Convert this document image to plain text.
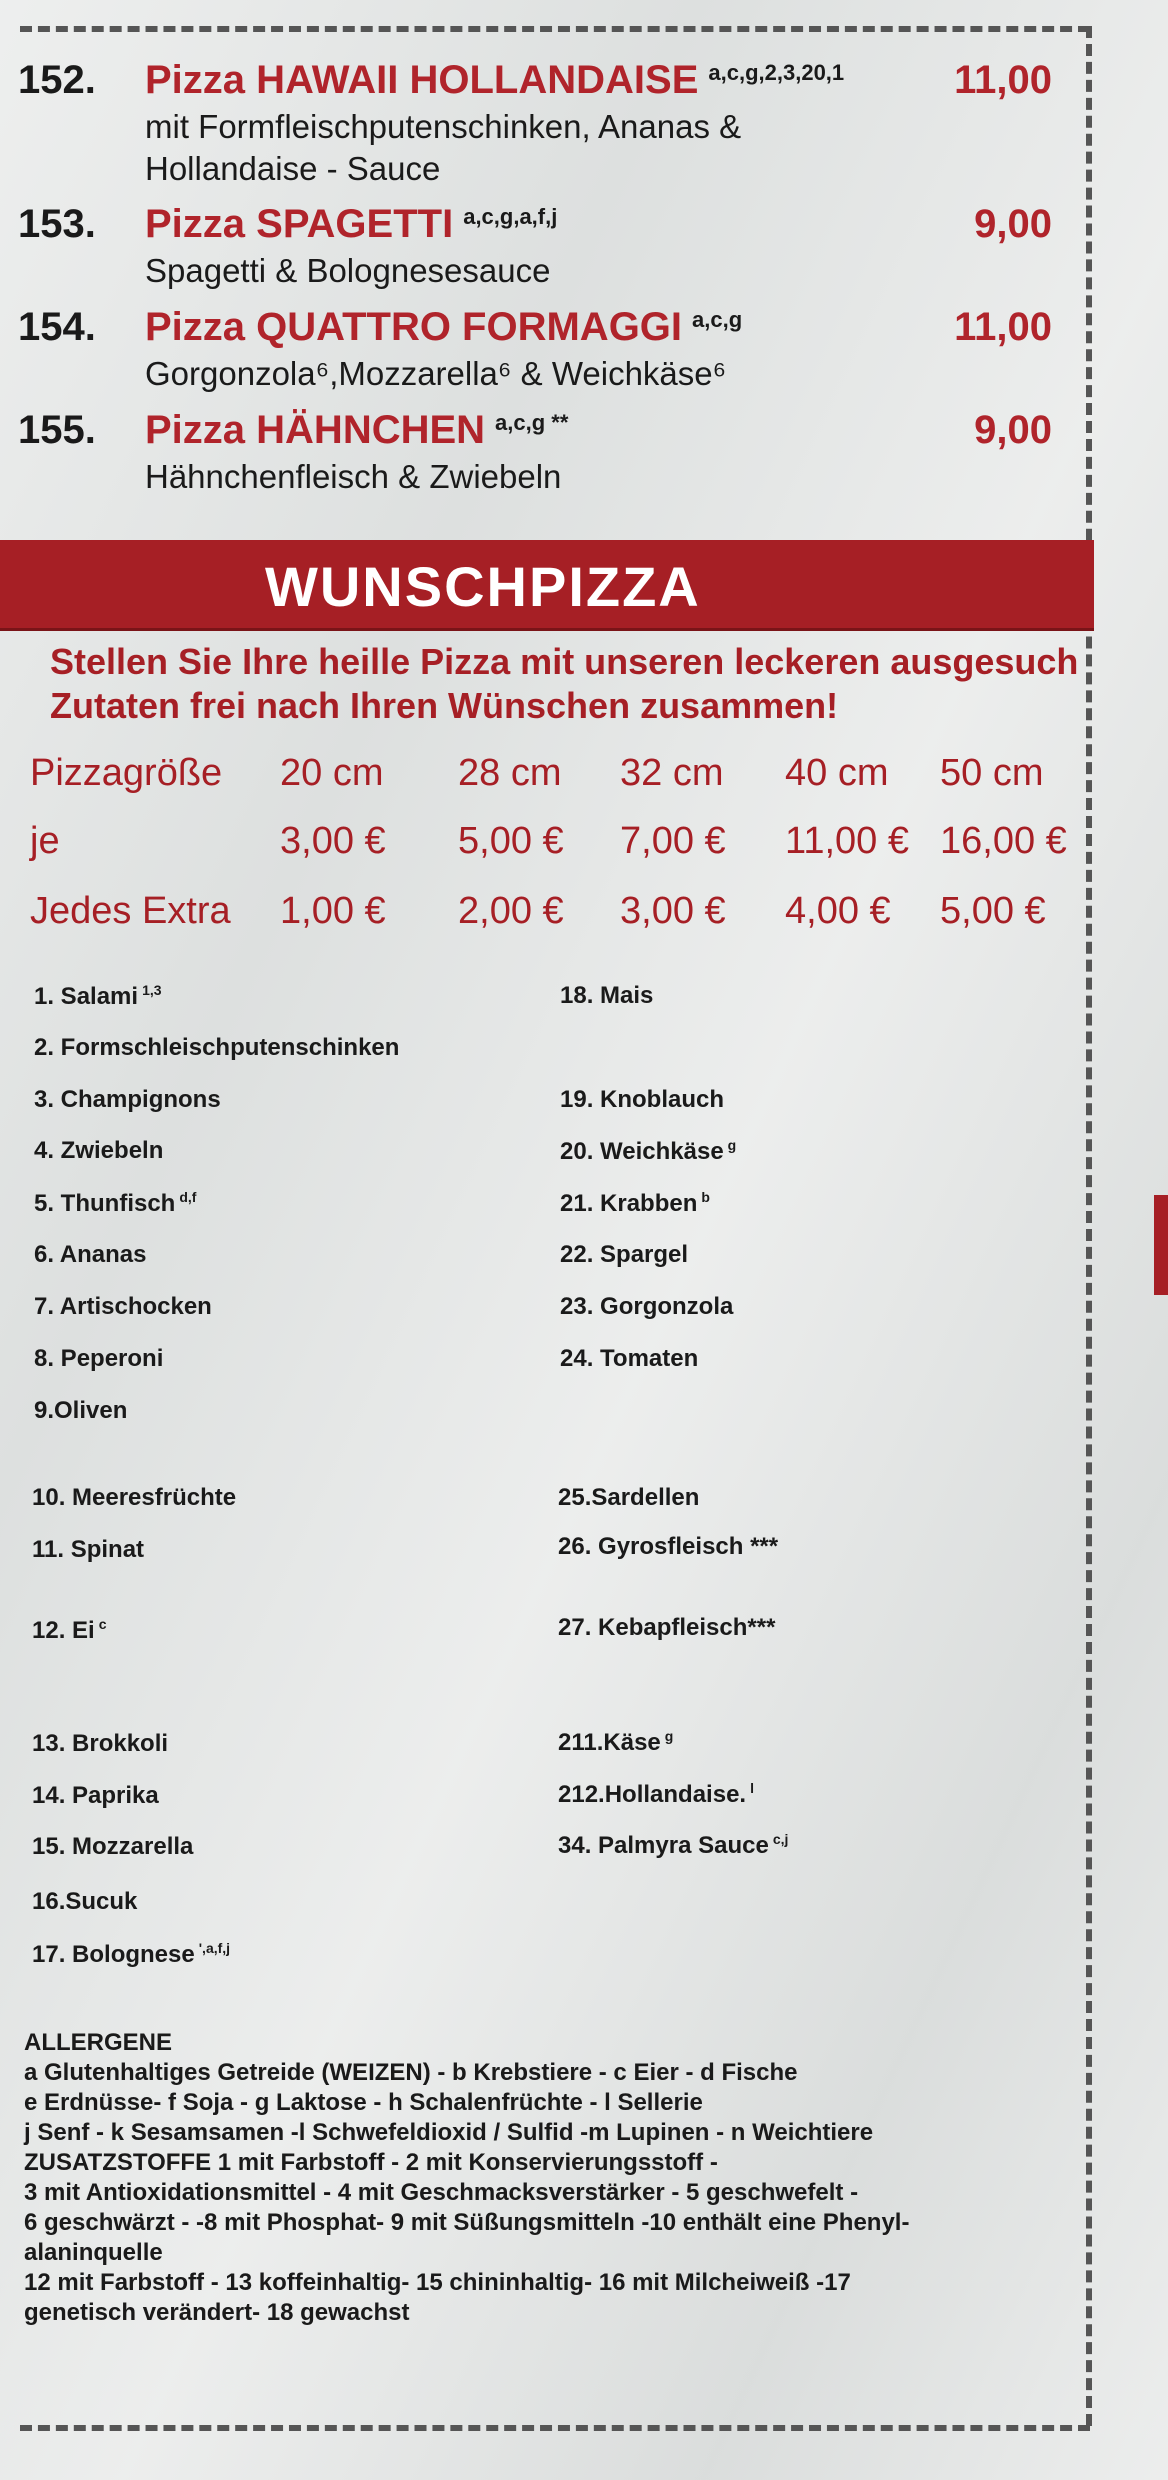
152. Pizza HAWAII HOLLANDAISE $^{a,c,g,2,3,20,1}$	11,00
mit Formfleischputenschinken, Ananas &
Hollandaise - Sauce
153. Pizza SPAGETTI $^{a,c,g,a,f,j}$	9,00
Spagetti & Bolognesesauce
154. Pizza QUATTRO FORMAGGI $^{a,c,g}$	11,00
Gorgonzola⁶,Mozzarella⁶ & Weichkäse⁶
155. Pizza HÄHNCHEN $^{a,c,g **}$	9,00
Hähnchenfleisch & Zwiebeln
WUNSCHPIZZA
Stellen Sie Ihre heille Pizza mit unseren leckeren ausgesuch
Zutaten frei nach Ihren Wünschen zusammen!
Pizzagröße 20 cm 28 cm 32 cm 40 cm 50 cm
je	3,00 € 5,00 € 7,00 € 11,00 € 16,00 €
Jedes Extra 1,00 € 2,00 € 3,00 € 4,00 € 5,00 €
1. Salami $^{1,3}$
2. Formschleischputenschinken
3. Champignons
4. Zwiebeln
5. Thunfisch $^{d,f}$
6. Ananas
7. Artischocken
8. Peperoni
9.Oliven
10. Meeresfrüchte
11. Spinat
12. Ei $^c$
13. Brokkoli
14. Paprika
15. Mozzarella
16.Sucuk
17. Bolognese $^{',a,f,j}$
18. Mais
19. Knoblauch
20. Weichkäse $^g$
21. Krabben $^b$
22. Spargel
23. Gorgonzola
24. Tomaten
25.Sardellen
26. Gyrosfleisch ***
27. Kebapfleisch***
211.Käse $^g$
212.Hollandaise. $^l$
34. Palmyra Sauce $^{c,j}$
ALLERGENE
a Glutenhaltiges Getreide (WEIZEN) - b Krebstiere - c Eier - d Fische
e Erdnüsse- f Soja - g Laktose - h Schalenfrüchte - l Sellerie
j Senf - k Sesamsamen -l Schwefeldioxid / Sulfid -m Lupinen - n Weichtiere
ZUSATZSTOFFE 1 mit Farbstoff - 2 mit Konservierungsstoff -
3 mit Antioxidationsmittel - 4 mit Geschmacksverstärker - 5 geschwefelt -
6 geschwärzt - -8 mit Phosphat- 9 mit Süßungsmitteln -10 enthält eine Phenyl-
alaninquelle
12 mit Farbstoff - 13 koffeinhaltig- 15 chininhaltig- 16 mit Milcheiweiß -17
genetisch verändert- 18 gewachst
